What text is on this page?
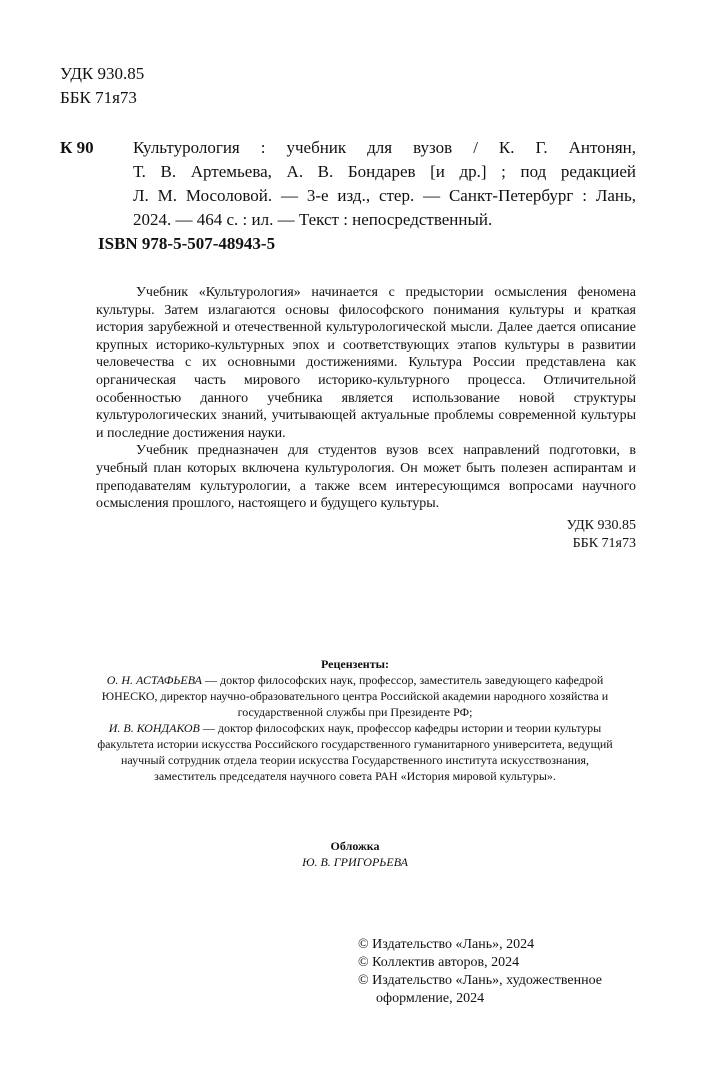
УДК 930.85
ББК 71я73
К 90 Культурология : учебник для вузов / К. Г. Антонян,
Т. В. Артемьева, А. В. Бондарев [и др.] ; под редакцией
Л. М. Мосоловой. — 3-е изд., стер. — Санкт-Петербург : Лань,
2024. — 464 с. : ил. — Текст : непосредственный.
ISBN 978-5-507-48943-5

Учебник «Культурология» начинается с предыстории осмысления феномена культуры. Затем излагаются основы философского понимания культуры и краткая история зарубежной и отечественной культурологической мысли. Далее дается описание крупных историко-культурных эпох и соответствующих этапов культуры в развитии человечества с их основными достижениями. Культура России представлена как органическая часть мирового историко-культурного процесса. Отличительной особенностью данного учебника является использование новой структуры культурологических знаний, учитывающей актуальные проблемы современной культуры и последние достижения науки.

Учебник предназначен для студентов вузов всех направлений подготовки, в учебный план которых включена культурология. Он может быть полезен аспирантам и преподавателям культурологии, а также всем интересующимся вопросами научного осмысления прошлого, настоящего и будущего культуры.

УДК 930.85
ББК 71я73
Рецензенты:
О. Н. АСТАФЬЕВА — доктор философских наук, профессор, заместитель заведующего кафедрой ЮНЕСКО, директор научно-образовательного центра Российской академии народного хозяйства и государственной службы при Президенте РФ;
И. В. КОНДАКОВ — доктор философских наук, профессор кафедры истории и теории культуры факультета истории искусства Российского государственного гуманитарного университета, ведущий научный сотрудник отдела теории искусства Государственного института искусствознания, заместитель председателя научного совета РАН «История мировой культуры».
Обложка
Ю. В. ГРИГОРЬЕВА
© Издательство «Лань», 2024
© Коллектив авторов, 2024
© Издательство «Лань», художественное
оформление, 2024
